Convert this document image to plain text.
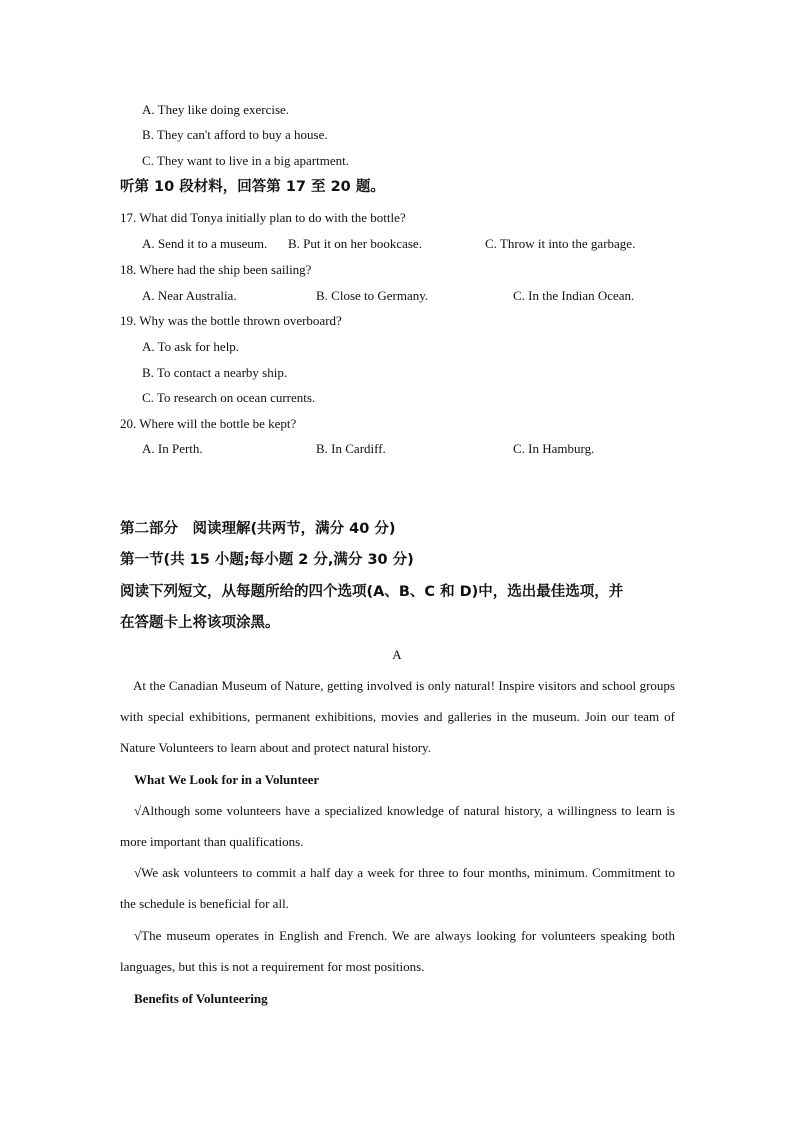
A. They like doing exercise.
B. They can't afford to buy a house.
C. They want to live in a big apartment.
听第 10 段材料，回答第 17 至 20 题。
17. What did Tonya initially plan to do with the bottle?
A. Send it to a museum. B. Put it on her bookcase.	C. Throw it into the garbage.
18. Where had the ship been sailing?
A. Near Australia.	B. Close to Germany.	C. In the Indian Ocean.
19. Why was the bottle thrown overboard?
A. To ask for help.
B. To contact a nearby ship.
C. To research on ocean currents.
20. Where will the bottle be kept?
A. In Perth.	B. In Cardiff.	C. In Hamburg.
第二部分　阅读理解(共两节，满分 40 分)
第一节(共 15 小题;每小题 2 分,满分 30 分)
阅读下列短文，从每题所给的四个选项(A、B、C 和 D)中，选出最佳选项，并
在答题卡上将该项涂黑。
A
At the Canadian Museum of Nature, getting involved is only natural! Inspire visitors and school groups with special exhibitions, permanent exhibitions, movies and galleries in the museum. Join our team of Nature Volunteers to learn about and protect natural history.
What We Look for in a Volunteer
√Although some volunteers have a specialized knowledge of natural history, a willingness to learn is more important than qualifications.
√We ask volunteers to commit a half day a week for three to four months, minimum. Commitment to the schedule is beneficial for all.
√The museum operates in English and French. We are always looking for volunteers speaking both languages, but this is not a requirement for most positions.
Benefits of Volunteering
